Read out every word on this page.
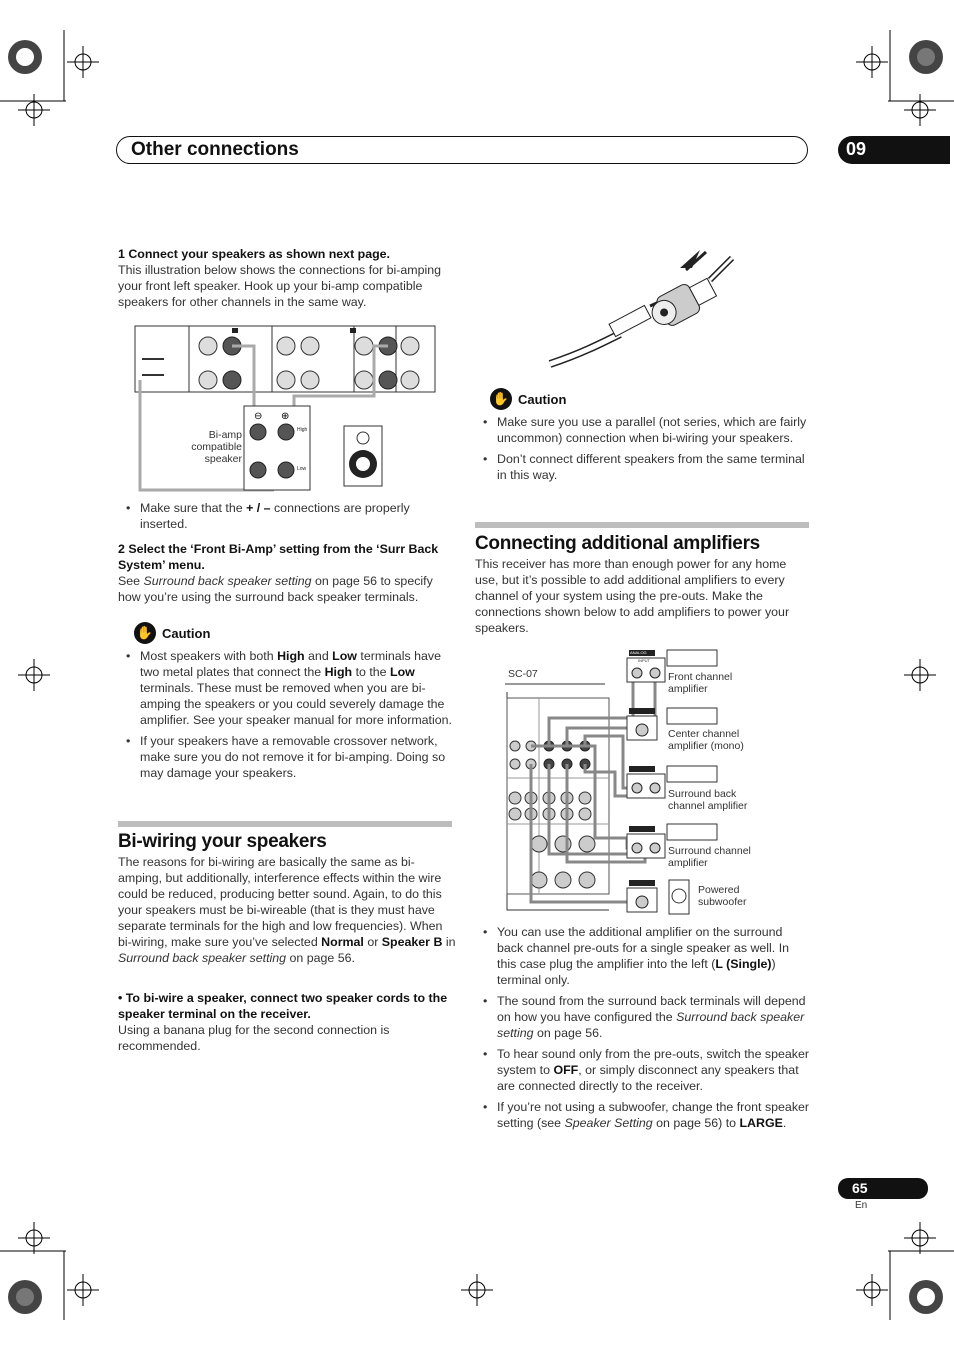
Other connections	09
1 Connect your speakers as shown next page.
This illustration below shows the connections for bi-amping your front left speaker. Hook up your bi-amp compatible speakers for other channels in the same way.
⊖ ⊕
Bi-amp
compatible
speaker
High
Low
• Make sure that the + / – connections are properly inserted.
2 Select the ‘Front Bi-Amp’ setting from the ‘Surr Back System’ menu.
See Surround back speaker setting on page 56 to specify how you’re using the surround back speaker terminals.
✋ Caution
• Most speakers with both High and Low terminals have two metal plates that connect the High to the Low terminals. These must be removed when you are bi-amping the speakers or you could severely damage the amplifier. See your speaker manual for more information.
• If your speakers have a removable crossover network, make sure you do not remove it for bi-amping. Doing so may damage your speakers.
Bi-wiring your speakers
The reasons for bi-wiring are basically the same as bi-amping, but additionally, interference effects within the wire could be reduced, producing better sound. Again, to do this your speakers must be bi-wireable (that is they must have separate terminals for the high and low frequencies). When bi-wiring, make sure you’ve selected Normal or Speaker B in Surround back speaker setting on page 56.
• To bi-wire a speaker, connect two speaker cords to the speaker terminal on the receiver.
Using a banana plug for the second connection is recommended.
✋ Caution
• Make sure you use a parallel (not series, which are fairly uncommon) connection when bi-wiring your speakers.
• Don’t connect different speakers from the same terminal in this way.
Connecting additional amplifiers
This receiver has more than enough power for any home use, but it’s possible to add additional amplifiers to every channel of your system using the pre-outs. Make the connections shown below to add amplifiers to power your speakers.
SC-07	Front channel
amplifier
Center channel
amplifier (mono)
Surround back
channel amplifier
Surround channel
amplifier
Powered
subwoofer
ANALOG
INPUT
• You can use the additional amplifier on the surround back channel pre-outs for a single speaker as well. In this case plug the amplifier into the left (L (Single)) terminal only.
• The sound from the surround back terminals will depend on how you have configured the Surround back speaker setting on page 56.
• To hear sound only from the pre-outs, switch the speaker system to OFF, or simply disconnect any speakers that are connected directly to the receiver.
• If you’re not using a subwoofer, change the front speaker setting (see Speaker Setting on page 56) to LARGE.
65
En
